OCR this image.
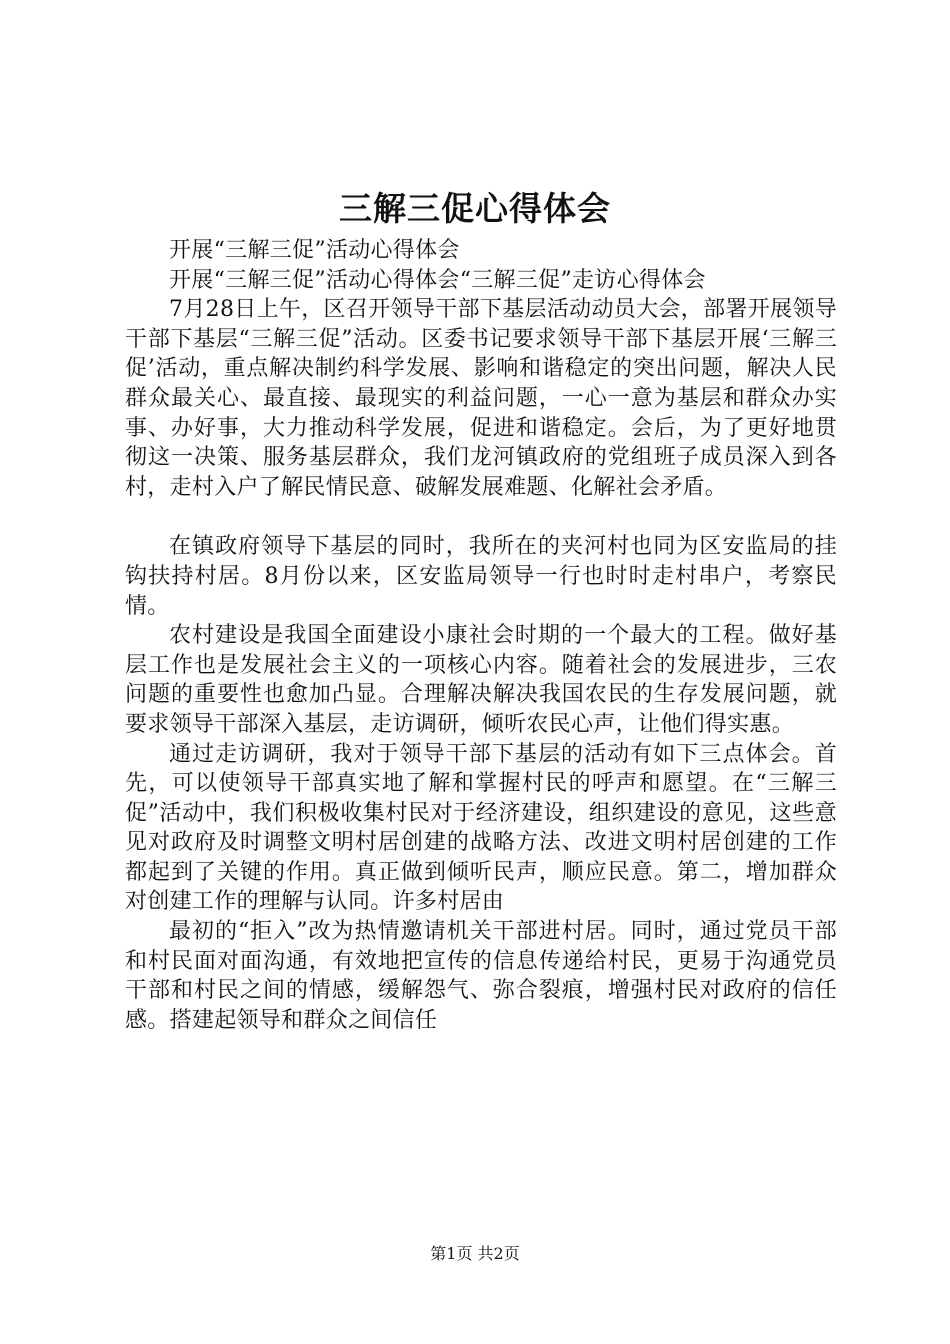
三解三促心得体会

开展“三解三促”活动心得体会

开展“三解三促”活动心得体会“三解三促”走访心得体会

7月28日上午，区召开领导干部下基层活动动员大会，部署开展领导干部下基层“三解三促”活动。区委书记要求领导干部下基层开展‘三解三促’活动，重点解决制约科学发展、影响和谐稳定的突出问题，解决人民群众最关心、最直接、最现实的利益问题，一心一意为基层和群众办实事、办好事，大力推动科学发展，促进和谐稳定。会后，为了更好地贯彻这一决策、服务基层群众，我们龙河镇政府的党组班子成员深入到各村，走村入户了解民情民意、破解发展难题、化解社会矛盾。

在镇政府领导下基层的同时，我所在的夹河村也同为区安监局的挂钩扶持村居。8月份以来，区安监局领导一行也时时走村串户，考察民情。

农村建设是我国全面建设小康社会时期的一个最大的工程。做好基层工作也是发展社会主义的一项核心内容。随着社会的发展进步，三农问题的重要性也愈加凸显。合理解决解决我国农民的生存发展问题，就要求领导干部深入基层，走访调研，倾听农民心声，让他们得实惠。

通过走访调研，我对于领导干部下基层的活动有如下三点体会。首先，可以使领导干部真实地了解和掌握村民的呼声和愿望。在“三解三促”活动中，我们积极收集村民对于经济建设，组织建设的意见，这些意见对政府及时调整文明村居创建的战略方法、改进文明村居创建的工作都起到了关键的作用。真正做到倾听民声，顺应民意。第二，增加群众对创建工作的理解与认同。许多村居由

最初的“拒入”改为热情邀请机关干部进村居。同时，通过党员干部和村民面对面沟通，有效地把宣传的信息传递给村民，更易于沟通党员干部和村民之间的情感，缓解怨气、弥合裂痕，增强村民对政府的信任感。搭建起领导和群众之间信任

第1页 共2页
